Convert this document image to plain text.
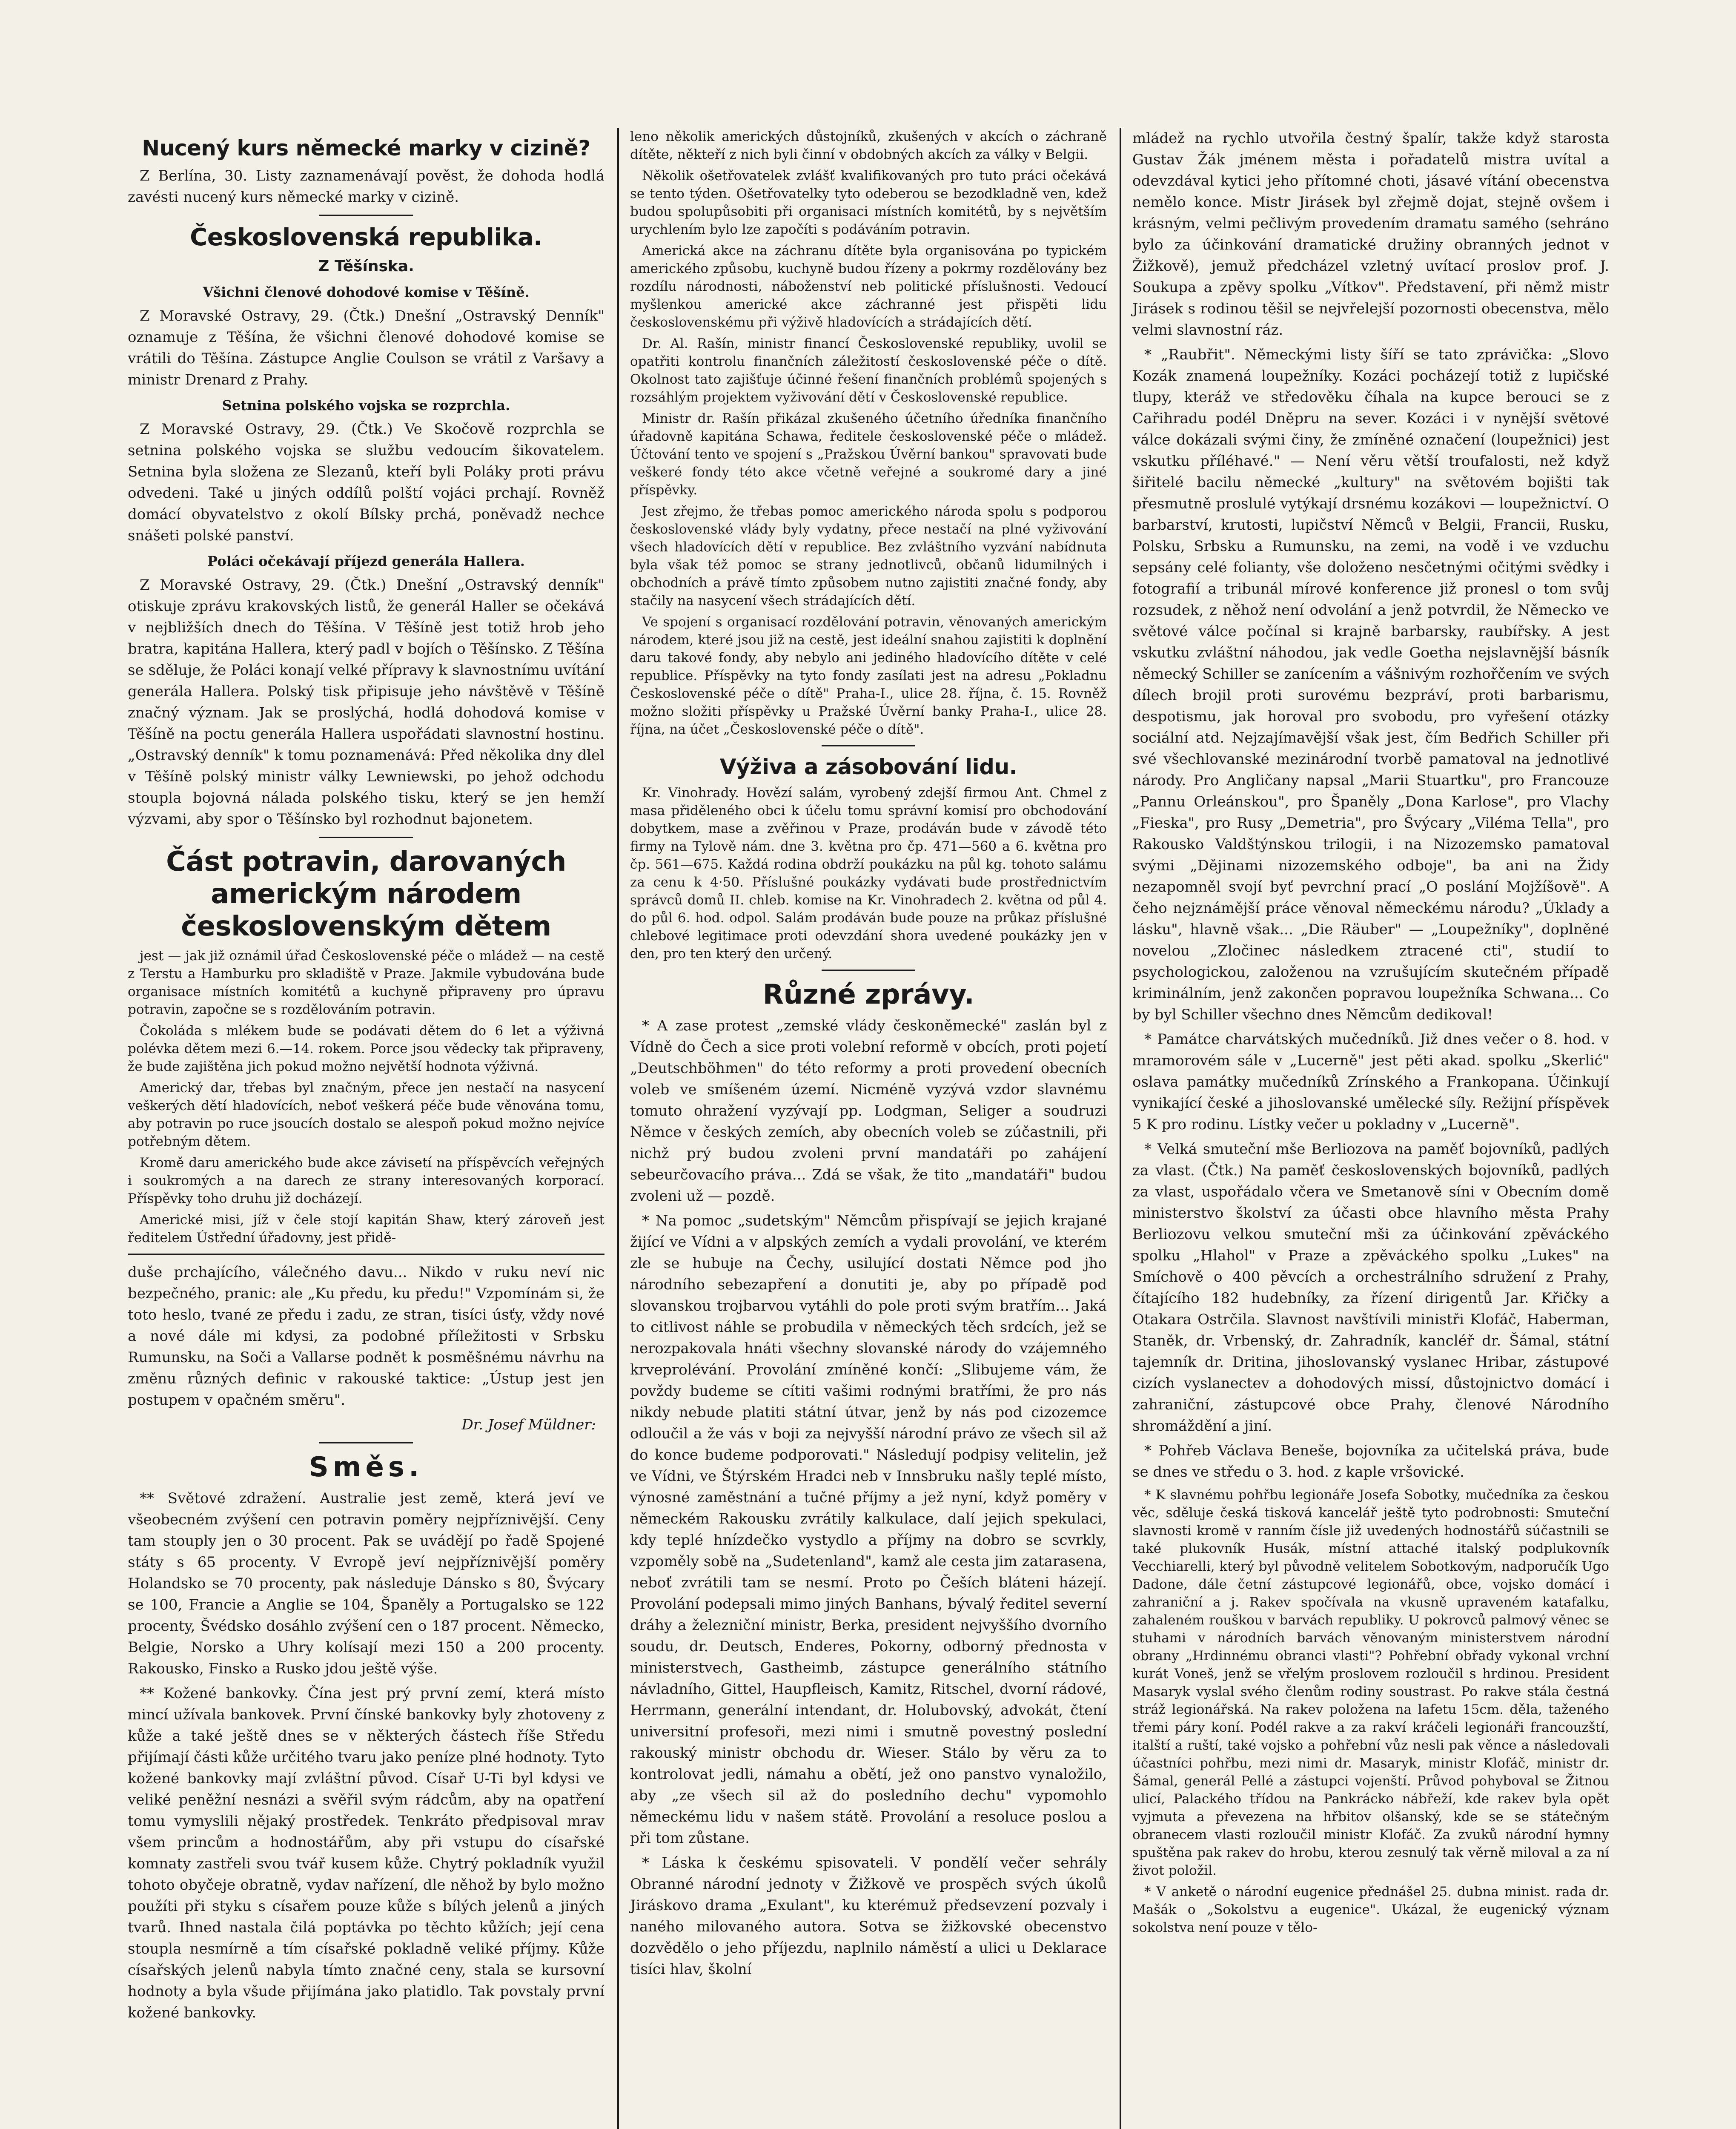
Nucený kurs německé marky v cizině?

Z Berlína, 30. Listy zaznamenávají pověst, že dohoda hodlá zavésti nucený kurs německé marky v cizině.

Československá republika.
Z Těšínska.
Všichni členové dohodové komise v Těšíně.

Z Moravské Ostravy, 29. (Čtk.) Dnešní „Ostravský Denník" oznamuje z Těšína, že všichni členové dohodové komise se vrátili do Těšína. Zástupce Anglie Coulson se vrátil z Varšavy a ministr Drenard z Prahy.

Setnina polského vojska se rozprchla.

Z Moravské Ostravy, 29. (Čtk.) Ve Skočově rozprchla se setnina polského vojska se službu vedoucím šikovatelem. Setnina byla složena ze Slezanů, kteří byli Poláky proti právu odvedeni. Také u jiných oddílů polští vojáci prchají. Rovněž domácí obyvatelstvo z okolí Bílsky prchá, poněvadž nechce snášeti polské panství.

Poláci očekávají příjezd generála Hallera.

Z Moravské Ostravy, 29. (Čtk.) Dnešní „Ostravský denník" otiskuje zprávu krakovských listů, že generál Haller se očekává v nejbližších dnech do Těšína. V Těšíně jest totiž hrob jeho bratra, kapitána Hallera, který padl v bojích o Těšínsko. Z Těšína se sděluje, že Poláci konají velké přípravy k slavnostnímu uvítání generála Hallera. Polský tisk připisuje jeho návštěvě v Těšíně značný význam. Jak se proslýchá, hodlá dohodová komise v Těšíně na poctu generála Hallera uspořádati slavnostní hostinu. „Ostravský denník" k tomu poznamenává: Před několika dny dlel v Těšíně polský ministr války Lewniewski, po jehož odchodu stoupla bojovná nálada polského tisku, který se jen hemží výzvami, aby spor o Těšínsko byl rozhodnut bajonetem.

Část potravin, darovaných americkým národem československým dětem

jest — jak již oznámil úřad Československé péče o mládež — na cestě z Terstu a Hamburku pro skladiště v Praze. Jakmile vybudována bude organisace místních komitétů a kuchyně připraveny pro úpravu potravin, započne se s rozdělováním potravin.

Čokoláda s mlékem bude se podávati dětem do 6 let a výživná polévka dětem mezi 6.—14. rokem. Porce jsou vědecky tak připraveny, že bude zajištěna jich pokud možno největší hodnota výživná.

Americký dar, třebas byl značným, přece jen nestačí na nasycení veškerých dětí hladovících, neboť veškerá péče bude věnována tomu, aby potravin po ruce jsoucích dostalo se alespoň pokud možno nejvíce potřebným dětem.

Kromě daru amerického bude akce závisetí na příspěvcích veřejných i soukromých a na darech ze strany interesovaných korporací. Příspěvky toho druhu již docházejí.

Americké misi, jíž v čele stojí kapitán Shaw, který zároveň jest ředitelem Ústřední úřadovny, jest přidě-

duše prchajícího, válečného davu... Nikdo v ruku neví nic bezpečného, pranic: ale „Ku předu, ku předu!" Vzpomínám si, že toto heslo, tvané ze předu i zadu, ze stran, tisíci úsťy, vždy nové a nové dále mi kdysi, za podobné příležitosti v Srbsku Rumunsku, na Soči a Vallarse podnět k posměšnému návrhu na změnu různých definic v rakouské taktice: „Ústup jest jen postupem v opačném směru".

Dr. Josef Müldner:
Směs.

** Světové zdražení. Australie jest země, která jeví ve všeobecném zvýšení cen potravin poměry nejpříznivější. Ceny tam stouply jen o 30 procent. Pak se uvádějí po řadě Spojené státy s 65 procenty. V Evropě jeví nejpříznivější poměry Holandsko se 70 procenty, pak následuje Dánsko s 80, Švýcary se 100, Francie a Anglie se 104, Španěly a Portugalsko se 122 procenty, Švédsko dosáhlo zvýšení cen o 187 procent. Německo, Belgie, Norsko a Uhry kolísají mezi 150 a 200 procenty. Rakousko, Finsko a Rusko jdou ještě výše.

** Kožené bankovky. Čína jest prý první zemí, která místo mincí užívala bankovek. První čínské bankovky byly zhotoveny z kůže a také ještě dnes se v některých částech říše Středu přijímají části kůže určitého tvaru jako peníze plné hodnoty. Tyto kožené bankovky mají zvláštní původ. Císař U-Ti byl kdysi ve veliké peněžní nesnázi a svěřil svým rádcům, aby na opatření tomu vymyslili nějaký prostředek. Tenkráto předpisoval mrav všem princům a hodnostářům, aby při vstupu do císařské komnaty zastřeli svou tvář kusem kůže. Chytrý pokladník využil tohoto obyčeje obratně, vydav nařízení, dle něhož by bylo možno použíti při styku s císařem pouze kůže s bílých jelenů a jiných tvarů. Ihned nastala čilá poptávka po těchto kůžích; její cena stoupla nesmírně a tím císařské pokladně veliké příjmy. Kůže císařských jelenů nabyla tímto značné ceny, stala se kursovní hodnoty a byla všude přijímána jako platidlo. Tak povstaly první kožené bankovky.

leno několik amerických důstojníků, zkušených v akcích o záchraně dítěte, někteří z nich byli činní v obdobných akcích za války v Belgii.

Několik ošetřovatelek zvlášť kvalifikovaných pro tuto práci očekává se tento týden. Ošetřovatelky tyto odeberou se bezodkladně ven, kdež budou spolupůsobiti při organisaci místních komitétů, by s největším urychlením bylo lze započíti s podáváním potravin.

Americká akce na záchranu dítěte byla organisována po typickém amerického způsobu, kuchyně budou řízeny a pokrmy rozdělovány bez rozdílu národnosti, náboženství neb politické příslušnosti. Vedoucí myšlenkou americké akce záchranné jest přispěti lidu československému při výživě hladovících a strádajících dětí.

Dr. Al. Rašín, ministr financí Československé republiky, uvolil se opatřiti kontrolu finančních záležitostí československé péče o dítě. Okolnost tato zajišťuje účinné řešení finančních problémů spojených s rozsáhlým projektem vyživování dětí v Československé republice.

Ministr dr. Rašín přikázal zkušeného účetního úředníka finančního úřadovně kapitána Schawa, ředitele československé péče o mládež. Účtování tento ve spojení s „Pražskou Úvěrní bankou" spravovati bude veškeré fondy této akce včetně veřejné a soukromé dary a jiné příspěvky.

Jest zřejmo, že třebas pomoc amerického národa spolu s podporou československé vlády byly vydatny, přece nestačí na plné vyživování všech hladovících dětí v republice. Bez zvláštního vyzvání nabídnuta byla však též pomoc se strany jednotlivců, občanů lidumilných i obchodních a právě tímto způsobem nutno zajistiti značné fondy, aby stačily na nasycení všech strádajících dětí.

Ve spojení s organisací rozdělování potravin, věnovaných americkým národem, které jsou již na cestě, jest ideální snahou zajistiti k doplnění daru takové fondy, aby nebylo ani jediného hladovícího dítěte v celé republice. Příspěvky na tyto fondy zasílati jest na adresu „Pokladnu Československé péče o dítě" Praha-I., ulice 28. října, č. 15. Rovněž možno složiti příspěvky u Pražské Úvěrní banky Praha-I., ulice 28. října, na účet „Československé péče o dítě".

Výživa a zásobování lidu.

Kr. Vinohrady. Hovězí salám, vyrobený zdejší firmou Ant. Chmel z masa přiděleného obci k účelu tomu správní komisí pro obchodování dobytkem, mase a zvěřinou v Praze, prodáván bude v závodě této firmy na Tylově nám. dne 3. května pro čp. 471—560 a 6. května pro čp. 561—675. Každá rodina obdrží poukázku na půl kg. tohoto salámu za cenu k 4·50. Příslušné poukázky vydávati bude prostřednictvím správců domů II. chleb. komise na Kr. Vinohradech 2. května od půl 4. do půl 6. hod. odpol. Salám prodáván bude pouze na průkaz příslušné chlebové legitimace proti odevzdání shora uvedené poukázky jen v den, pro ten který den určený.

Různé zprávy.

* A zase protest „zemské vlády českoněmecké" zaslán byl z Vídně do Čech a sice proti volební reformě v obcích, proti pojetí „Deutschböhmen" do této reformy a proti provedení obecních voleb ve smíšeném území. Nicméně vyzývá vzdor slavnému tomuto ohražení vyzývají pp. Lodgman, Seliger a soudruzi Němce v českých zemích, aby obecních voleb se zúčastnili, při nichž prý budou zvoleni první mandatáři po zahájení sebeurčovacího práva... Zdá se však, že tito „mandatáři" budou zvoleni už — pozdě.

* Na pomoc „sudetským" Němcům přispívají se jejich krajané žijící ve Vídni a v alpských zemích a vydali provolání, ve kterém zle se hubuje na Čechy, usilující dostati Němce pod jho národního sebezapření a donutiti je, aby po případě pod slovanskou trojbarvou vytáhli do pole proti svým bratřím... Jaká to citlivost náhle se probudila v německých těch srdcích, jež se nerozpakovala hnáti všechny slovanské národy do vzájemného krveprolévání. Provolání zmíněné končí: „Slibujeme vám, že povždy budeme se cítiti vašimi rodnými bratřími, že pro nás nikdy nebude platiti státní útvar, jenž by nás pod cizozemce odloučil a že vás v boji za nejvyšší národní právo ze všech sil až do konce budeme podporovati." Následují podpisy velitelin, jež ve Vídni, ve Štýrském Hradci neb v Innsbruku našly teplé místo, výnosné zaměstnání a tučné příjmy a jež nyní, když poměry v německém Rakousku zvrátily kalkulace, dalí jejich spekulaci, kdy teplé hnízdečko vystydlo a příjmy na dobro se scvrkly, vzpoměly sobě na „Sudetenland", kamž ale cesta jim zatarasena, neboť zvrátili tam se nesmí. Proto po Češích bláteni házejí. Provolání podepsali mimo jiných Banhans, bývalý ředitel severní dráhy a železniční ministr, Berka, president nejvyššího dvorního soudu, dr. Deutsch, Enderes, Pokorny, odborný přednosta v ministerstvech, Gastheimb, zástupce generálního státního návladního, Gittel, Haupfleisch, Kamitz, Ritschel, dvorní rádové, Herrmann, generální intendant, dr. Holubovský, advokát, čtení universitní profesoři, mezi nimi i smutně povestný poslední rakouský ministr obchodu dr. Wieser. Stálo by věru za to kontrolovat jedli, námahu a obětí, jež ono panstvo vynaložilo, aby „ze všech sil až do posledního dechu" vypomohlo německému lidu v našem státě. Provolání a resoluce poslou a při tom zůstane.

* Láska k českému spisovateli. V pondělí večer sehrály Obranné národní jednoty v Žižkově ve prospěch svých úkolů Jiráskovo drama „Exulant", ku kterémuž předsevzení pozvaly i naného milovaného autora. Sotva se žižkovské obecenstvo dozvědělo o jeho příjezdu, naplnilo náměstí a ulici u Deklarace tisíci hlav, školní

mládež na rychlo utvořila čestný špalír, takže když starosta Gustav Žák jménem města i pořadatelů mistra uvítal a odevzdával kytici jeho přítomné choti, jásavé vítání obecenstva nemělo konce. Mistr Jirásek byl zřejmě dojat, stejně ovšem i krásným, velmi pečlivým provedením dramatu samého (sehráno bylo za účinkování dramatické družiny obranných jednot v Žižkově), jemuž předcházel vzletný uvítací proslov prof. J. Soukupa a zpěvy spolku „Vítkov". Představení, při němž mistr Jirásek s rodinou těšil se nejvřelejší pozornosti obecenstva, mělo velmi slavnostní ráz.

* „Raubřit". Německými listy šíří se tato zprávička: „Slovo Kozák znamená loupežníky. Kozáci pocházejí totiž z lupičské tlupy, kteráž ve středověku číhala na kupce berouci se z Cařihradu podél Dněpru na sever. Kozáci i v nynější světové válce dokázali svými činy, že zmíněné označení (loupežnici) jest vskutku příléhavé." — Není věru větší troufalosti, než když šiřitelé bacilu německé „kultury" na světovém bojišti tak přesmutně proslulé vytýkají drsnému kozákovi — loupežnictví. O barbarství, krutosti, lupičství Němců v Belgii, Francii, Rusku, Polsku, Srbsku a Rumunsku, na zemi, na vodě i ve vzduchu sepsány celé folianty, vše doloženo nesčetnými očitými svědky i fotografií a tribunál mírové konference již pronesl o tom svůj rozsudek, z něhož není odvolání a jenž potvrdil, že Německo ve světové válce počínal si krajně barbarsky, raubířsky. A jest vskutku zvláštní náhodou, jak vedle Goetha nejslavnější básník německý Schiller se zanícením a vášnivým rozhořčením ve svých dílech brojil proti surovému bezpráví, proti barbarismu, despotismu, jak horoval pro svobodu, pro vyřešení otázky sociální atd. Nejzajímavější však jest, čím Bedřich Schiller při své všechlovanské mezinárodní tvorbě pamatoval na jednotlivé národy. Pro Angličany napsal „Marii Stuartku", pro Francouze „Pannu Orleánskou", pro Španěly „Dona Karlose", pro Vlachy „Fieska", pro Rusy „Demetria", pro Švýcary „Viléma Tella", pro Rakousko Valdštýnskou trilogii, i na Nizozemsko pamatoval svými „Dějinami nizozemského odboje", ba ani na Židy nezapomněl svojí byť pevrchní prací „O poslání Mojžíšově". A čeho nejznámější práce věnoval německému národu? „Úklady a lásku", hlavně však... „Die Räuber" — „Loupežníky", doplněné novelou „Zločinec následkem ztracené cti", studií to psychologickou, založenou na vzrušujícím skutečném případě kriminálním, jenž zakončen popravou loupežníka Schwana... Co by byl Schiller všechno dnes Němcům dedikoval!

* Památce charvátských mučedníků. Již dnes večer o 8. hod. v mramorovém sále v „Lucerně" jest pěti akad. spolku „Skerlić" oslava památky mučedníků Zrínského a Frankopana. Účinkují vynikající české a jihoslovanské umělecké síly. Režijní příspěvek 5 K pro rodinu. Lístky večer u pokladny v „Lucerně".

* Velká smuteční mše Berliozova na paměť bojovníků, padlých za vlast. (Čtk.) Na paměť československých bojovníků, padlých za vlast, uspořádalo včera ve Smetanově síni v Obecním domě ministerstvo školství za účasti obce hlavního města Prahy Berliozovu velkou smuteční mši za účinkování zpěváckého spolku „Hlahol" v Praze a zpěváckého spolku „Lukes" na Smíchově o 400 pěvcích a orchestrálního sdružení z Prahy, čítajícího 182 hudebníky, za řízení dirigentů Jar. Křičky a Otakara Ostrčila. Slavnost navštívili ministři Klofáč, Haberman, Staněk, dr. Vrbenský, dr. Zahradník, kancléř dr. Šámal, státní tajemník dr. Dritina, jihoslovanský vyslanec Hribar, zástupové cizích vyslanectev a dohodových missí, důstojnictvo domácí i zahraniční, zástupcové obce Prahy, členové Národního shromáždění a jiní.

* Pohřeb Václava Beneše, bojovníka za učitelská práva, bude se dnes ve středu o 3. hod. z kaple vršovické.

* K slavnému pohřbu legionáře Josefa Sobotky, mučedníka za českou věc, sděluje česká tisková kancelář ještě tyto podrobnosti: Smuteční slavnosti kromě v ranním čísle již uvedených hodnostářů súčastnili se také plukovník Husák, místní attaché italský podplukovník Vecchiarelli, který byl původně velitelem Sobotkovým, nadporučík Ugo Dadone, dále četní zástupcové legionářů, obce, vojsko domácí i zahraniční a j. Rakev spočívala na vkusně upraveném katafalku, zahaleném rouškou v barvách republiky. U pokrovců palmový věnec se stuhami v národních barvách věnovaným ministerstvem národní obrany „Hrdinnému obranci vlasti"? Pohřební obřady vykonal vrchní kurát Voneš, jenž se vřelým proslovem rozloučil s hrdinou. President Masaryk vyslal svého členům rodiny soustrast. Po rakve stála čestná stráž legionářská. Na rakev položena na lafetu 15cm. děla, taženého třemi páry koní. Podél rakve a za rakví kráčeli legionáři francouzští, italští a ruští, také vojsko a pohřební vůz nesli pak věnce a následovali účastníci pohřbu, mezi nimi dr. Masaryk, ministr Klofáč, ministr dr. Šámal, generál Pellé a zástupci vojenští. Průvod pohyboval se Žitnou ulicí, Palackého třídou na Pankrácko nábřeží, kde rakev byla opět vyjmuta a převezena na hřbitov olšanský, kde se se státečným obranecem vlasti rozloučil ministr Klofáč. Za zvuků národní hymny spuštěna pak rakev do hrobu, kterou zesnulý tak věrně miloval a za ní život položil.

* V anketě o národní eugenice přednášel 25. dubna minist. rada dr. Mašák o „Sokolstvu a eugenice". Ukázal, že eugenický význam sokolstva není pouze v tělo-
